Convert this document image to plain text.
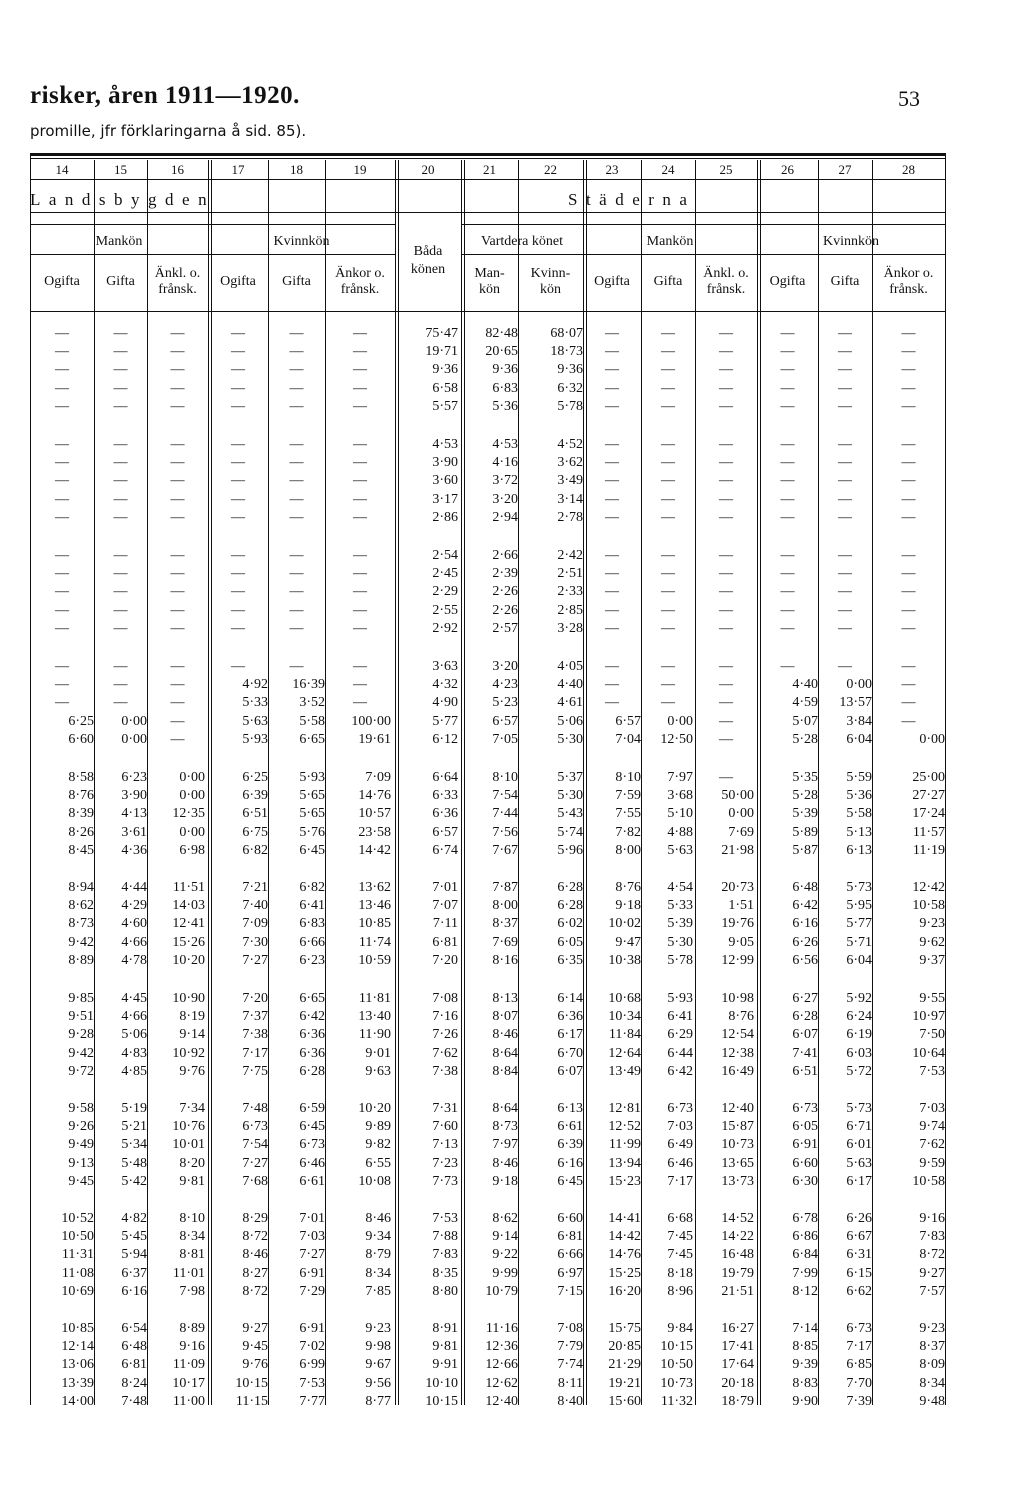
risker, åren 1911—1920.	53
promille, jfr förklaringarna å sid. 85).
14	15	16	17	18	19	20	21	22	23	24	25	26	27	28
Landsbygden	Städerna
Mankön	Kvinnkön
Båda
könen
Vartdera könet	Mankön	Kvinnkön
Ogifta	Gifta
Änkl. o.
frånsk.
Ogifta	Gifta
Änkor o.
frånsk.
Man-
kön
Kvinn-
kön
Ogifta	Gifta
Änkl. o.
frånsk.
Ogifta	Gifta
Änkor o.
frånsk.
—	—	—	—	—	—	75·47	82·48	68·07	—	—	—	—	—	—
—	—	—	—	—	—	19·71	20·65	18·73	—	—	—	—	—	—
—	—	—	—	—	—	9·36	9·36	9·36	—	—	—	—	—	—
—	—	—	—	—	—	6·58	6·83	6·32	—	—	—	—	—	—
—	—	—	—	—	—	5·57	5·36	5·78	—	—	—	—	—	—
—	—	—	—	—	—	4·53	4·53	4·52	—	—	—	—	—	—
—	—	—	—	—	—	3·90	4·16	3·62	—	—	—	—	—	—
—	—	—	—	—	—	3·60	3·72	3·49	—	—	—	—	—	—
—	—	—	—	—	—	3·17	3·20	3·14	—	—	—	—	—	—
—	—	—	—	—	—	2·86	2·94	2·78	—	—	—	—	—	—
—	—	—	—	—	—	2·54	2·66	2·42	—	—	—	—	—	—
—	—	—	—	—	—	2·45	2·39	2·51	—	—	—	—	—	—
—	—	—	—	—	—	2·29	2·26	2·33	—	—	—	—	—	—
—	—	—	—	—	—	2·55	2·26	2·85	—	—	—	—	—	—
—	—	—	—	—	—	2·92	2·57	3·28	—	—	—	—	—	—
—	—	—	—	—	—	3·63	3·20	4·05	—	—	—	—	—	—
—	—	—	4·92	16·39	—	4·32	4·23	4·40	—	—	—	4·40	0·00	—
—	—	—	5·33	3·52	—	4·90	5·23	4·61	—	—	—	4·59	13·57	—
6·25	0·00	—	5·63	5·58	100·00	5·77	6·57	5·06	6·57	0·00	—	5·07	3·84	—
6·60	0·00	—	5·93	6·65	19·61	6·12	7·05	5·30	7·04	12·50	—	5·28	6·04	0·00
8·58	6·23	0·00	6·25	5·93	7·09	6·64	8·10	5·37	8·10	7·97	—	5·35	5·59	25·00
8·76	3·90	0·00	6·39	5·65	14·76	6·33	7·54	5·30	7·59	3·68	50·00	5·28	5·36	27·27
8·39	4·13	12·35	6·51	5·65	10·57	6·36	7·44	5·43	7·55	5·10	0·00	5·39	5·58	17·24
8·26	3·61	0·00	6·75	5·76	23·58	6·57	7·56	5·74	7·82	4·88	7·69	5·89	5·13	11·57
8·45	4·36	6·98	6·82	6·45	14·42	6·74	7·67	5·96	8·00	5·63	21·98	5·87	6·13	11·19
8·94	4·44	11·51	7·21	6·82	13·62	7·01	7·87	6·28	8·76	4·54	20·73	6·48	5·73	12·42
8·62	4·29	14·03	7·40	6·41	13·46	7·07	8·00	6·28	9·18	5·33	1·51	6·42	5·95	10·58
8·73	4·60	12·41	7·09	6·83	10·85	7·11	8·37	6·02	10·02	5·39	19·76	6·16	5·77	9·23
9·42	4·66	15·26	7·30	6·66	11·74	6·81	7·69	6·05	9·47	5·30	9·05	6·26	5·71	9·62
8·89	4·78	10·20	7·27	6·23	10·59	7·20	8·16	6·35	10·38	5·78	12·99	6·56	6·04	9·37
9·85	4·45	10·90	7·20	6·65	11·81	7·08	8·13	6·14	10·68	5·93	10·98	6·27	5·92	9·55
9·51	4·66	8·19	7·37	6·42	13·40	7·16	8·07	6·36	10·34	6·41	8·76	6·28	6·24	10·97
9·28	5·06	9·14	7·38	6·36	11·90	7·26	8·46	6·17	11·84	6·29	12·54	6·07	6·19	7·50
9·42	4·83	10·92	7·17	6·36	9·01	7·62	8·64	6·70	12·64	6·44	12·38	7·41	6·03	10·64
9·72	4·85	9·76	7·75	6·28	9·63	7·38	8·84	6·07	13·49	6·42	16·49	6·51	5·72	7·53
9·58	5·19	7·34	7·48	6·59	10·20	7·31	8·64	6·13	12·81	6·73	12·40	6·73	5·73	7·03
9·26	5·21	10·76	6·73	6·45	9·89	7·60	8·73	6·61	12·52	7·03	15·87	6·05	6·71	9·74
9·49	5·34	10·01	7·54	6·73	9·82	7·13	7·97	6·39	11·99	6·49	10·73	6·91	6·01	7·62
9·13	5·48	8·20	7·27	6·46	6·55	7·23	8·46	6·16	13·94	6·46	13·65	6·60	5·63	9·59
9·45	5·42	9·81	7·68	6·61	10·08	7·73	9·18	6·45	15·23	7·17	13·73	6·30	6·17	10·58
10·52	4·82	8·10	8·29	7·01	8·46	7·53	8·62	6·60	14·41	6·68	14·52	6·78	6·26	9·16
10·50	5·45	8·34	8·72	7·03	9·34	7·88	9·14	6·81	14·42	7·45	14·22	6·86	6·67	7·83
11·31	5·94	8·81	8·46	7·27	8·79	7·83	9·22	6·66	14·76	7·45	16·48	6·84	6·31	8·72
11·08	6·37	11·01	8·27	6·91	8·34	8·35	9·99	6·97	15·25	8·18	19·79	7·99	6·15	9·27
10·69	6·16	7·98	8·72	7·29	7·85	8·80	10·79	7·15	16·20	8·96	21·51	8·12	6·62	7·57
10·85	6·54	8·89	9·27	6·91	9·23	8·91	11·16	7·08	15·75	9·84	16·27	7·14	6·73	9·23
12·14	6·48	9·16	9·45	7·02	9·98	9·81	12·36	7·79	20·85	10·15	17·41	8·85	7·17	8·37
13·06	6·81	11·09	9·76	6·99	9·67	9·91	12·66	7·74	21·29	10·50	17·64	9·39	6·85	8·09
13·39	8·24	10·17	10·15	7·53	9·56	10·10	12·62	8·11	19·21	10·73	20·18	8·83	7·70	8·34
14·00	7·48	11·00	11·15	7·77	8·77	10·15	12·40	8·40	15·60	11·32	18·79	9·90	7·39	9·48
